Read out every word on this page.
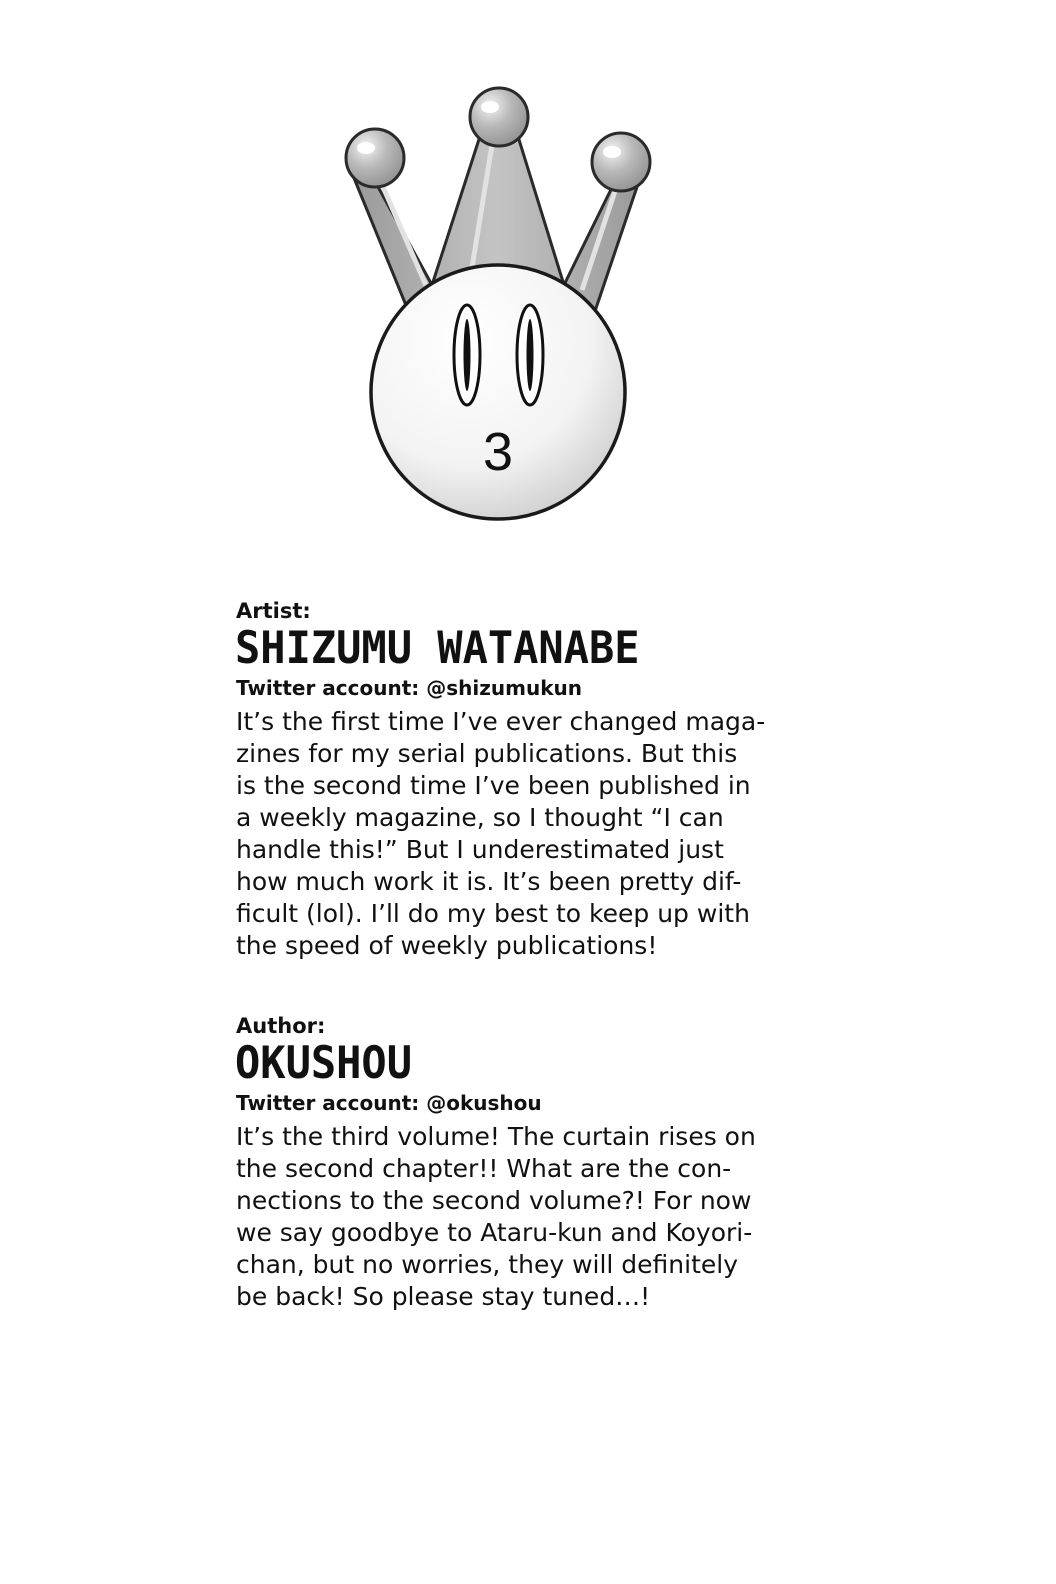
3

Artist:

SHIZUMU WATANABE

Twitter account: @shizumukun

It’s the first time I’ve ever changed maga-
zines for my serial publications. But this
is the second time I’ve been published in
a weekly magazine, so I thought “I can
handle this!” But I underestimated just
how much work it is. It’s been pretty dif-
ficult (lol). I’ll do my best to keep up with
the speed of weekly publications!

Author:

OKUSHOU

Twitter account: @okushou

It’s the third volume! The curtain rises on
the second chapter!! What are the con-
nections to the second volume?! For now
we say goodbye to Ataru-kun and Koyori-
chan, but no worries, they will definitely
be back! So please stay tuned…!
